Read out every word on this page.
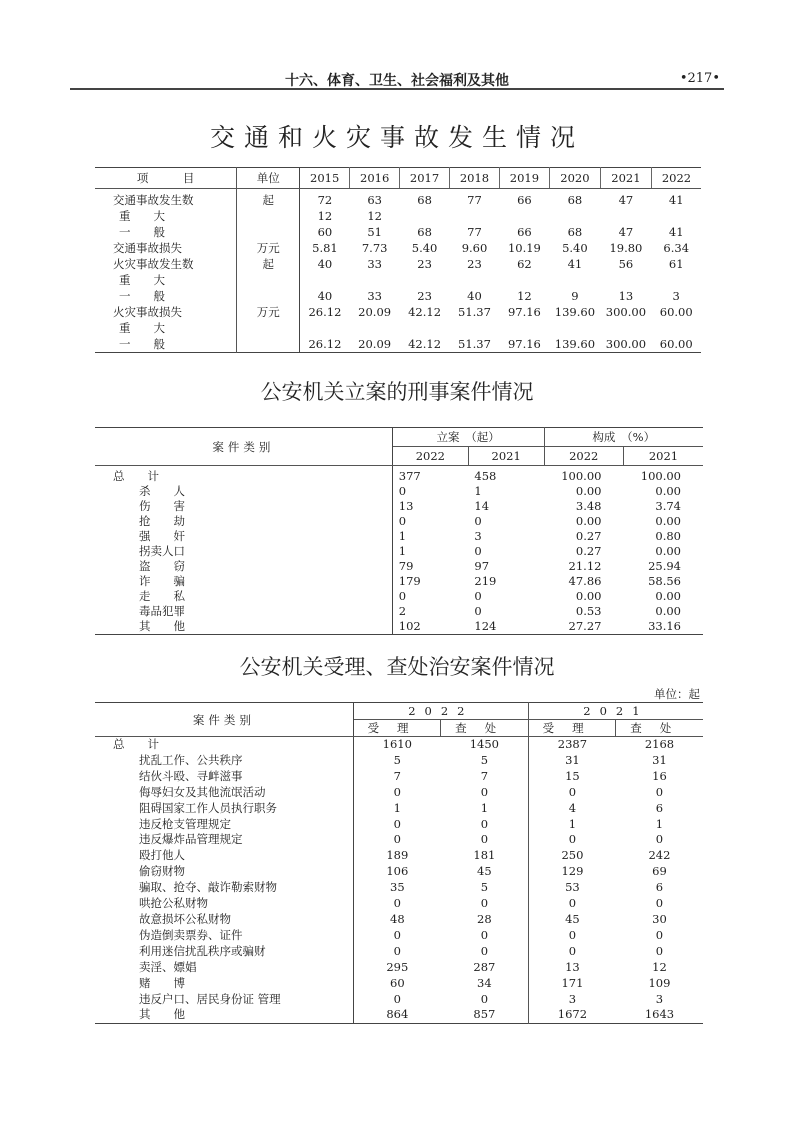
十六、体育、卫生、社会福利及其他	•217•
交通和火灾事故发生情况
项　　　目	单位	2015	2016	2017	2018	2019	2020	2021	2022
交通事故发生数	起	72	63	68	77	66	68	47	41
重　　大		12	12						
一　　般		60	51	68	77	66	68	47	41
交通事故损失	万元	5.81	7.73	5.40	9.60	10.19	5.40	19.80	6.34
火灾事故发生数	起	40	33	23	23	62	41	56	61
重　　大									
一　　般		40	33	23	40	12	9	13	3
火灾事故损失	万元	26.12	20.09	42.12	51.37	97.16	139.60	300.00	60.00
重　　大									
一　　般		26.12	20.09	42.12	51.37	97.16	139.60	300.00	60.00
公安机关立案的刑事案件情况
案件类别	立案　（起）		构成　（%）	
	2022	2021	2022	2021
总　　计	377	458	100.00	100.00
杀　　人	0	1	0.00	0.00
伤　　害	13	14	3.48	3.74
抢　　劫	0	0	0.00	0.00
强　　奸	1	3	0.27	0.80
拐卖人口	1	0	0.27	0.00
盗　　窃	79	97	21.12	25.94
诈　　骗	179	219	47.86	58.56
走　　私	0	0	0.00	0.00
毒品犯罪	2	0	0.53	0.00
其　　他	102	124	27.27	33.16
公安机关受理、查处治安案件情况
单位：起
案件类别	2022		2021	
	受理	查处	受理	查处
总　　计	1610	1450	2387	2168
扰乱工作、公共秩序	5	5	31	31
结伙斗殴、寻衅滋事	7	7	15	16
侮辱妇女及其他流氓活动	0	0	0	0
阻碍国家工作人员执行职务	1	1	4	6
违反枪支管理规定	0	0	1	1
违反爆炸品管理规定	0	0	0	0
殴打他人	189	181	250	242
偷窃财物	106	45	129	69
骗取、抢夺、敲诈勒索财物	35	5	53	6
哄抢公私财物	0	0	0	0
故意损坏公私财物	48	28	45	30
伪造倒卖票券、证件	0	0	0	0
利用迷信扰乱秩序或骗财	0	0	0	0
卖淫、嫖娼	295	287	13	12
赌　　博	60	34	171	109
违反户口、居民身份证 管理	0	0	3	3
其　　他	864	857	1672	1643
